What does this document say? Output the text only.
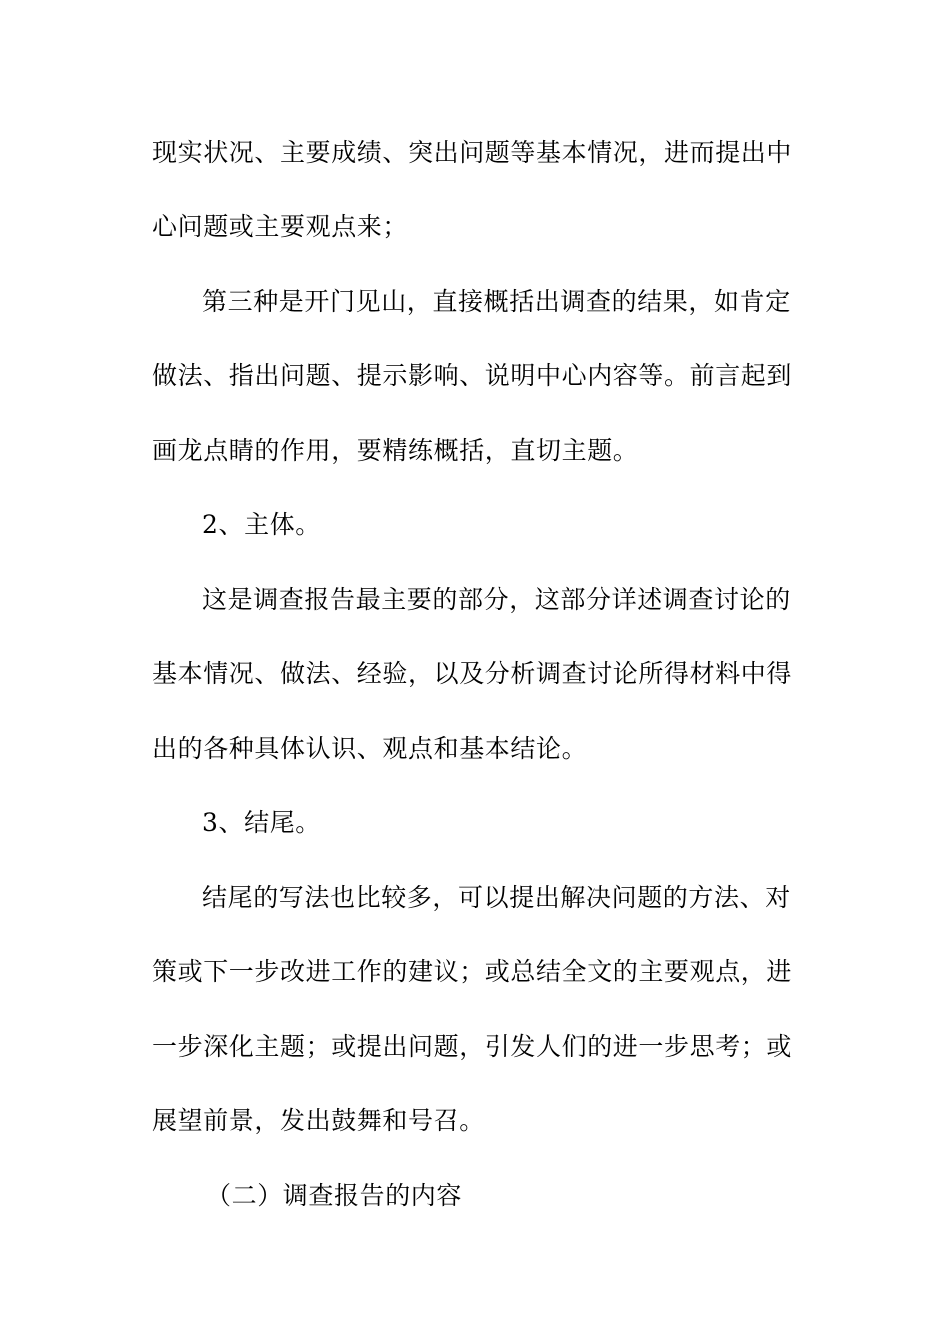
现实状况、主要成绩、突出问题等基本情况，进而提出中
心问题或主要观点来；
第三种是开门见山，直接概括出调查的结果，如肯定
做法、指出问题、提示影响、说明中心内容等。前言起到
画龙点睛的作用，要精练概括，直切主题。
2、主体。
这是调查报告最主要的部分，这部分详述调查讨论的
基本情况、做法、经验，以及分析调查讨论所得材料中得
出的各种具体认识、观点和基本结论。
3、结尾。
结尾的写法也比较多，可以提出解决问题的方法、对
策或下一步改进工作的建议；或总结全文的主要观点，进
一步深化主题；或提出问题，引发人们的进一步思考；或
展望前景，发出鼓舞和号召。
（二）调查报告的内容
